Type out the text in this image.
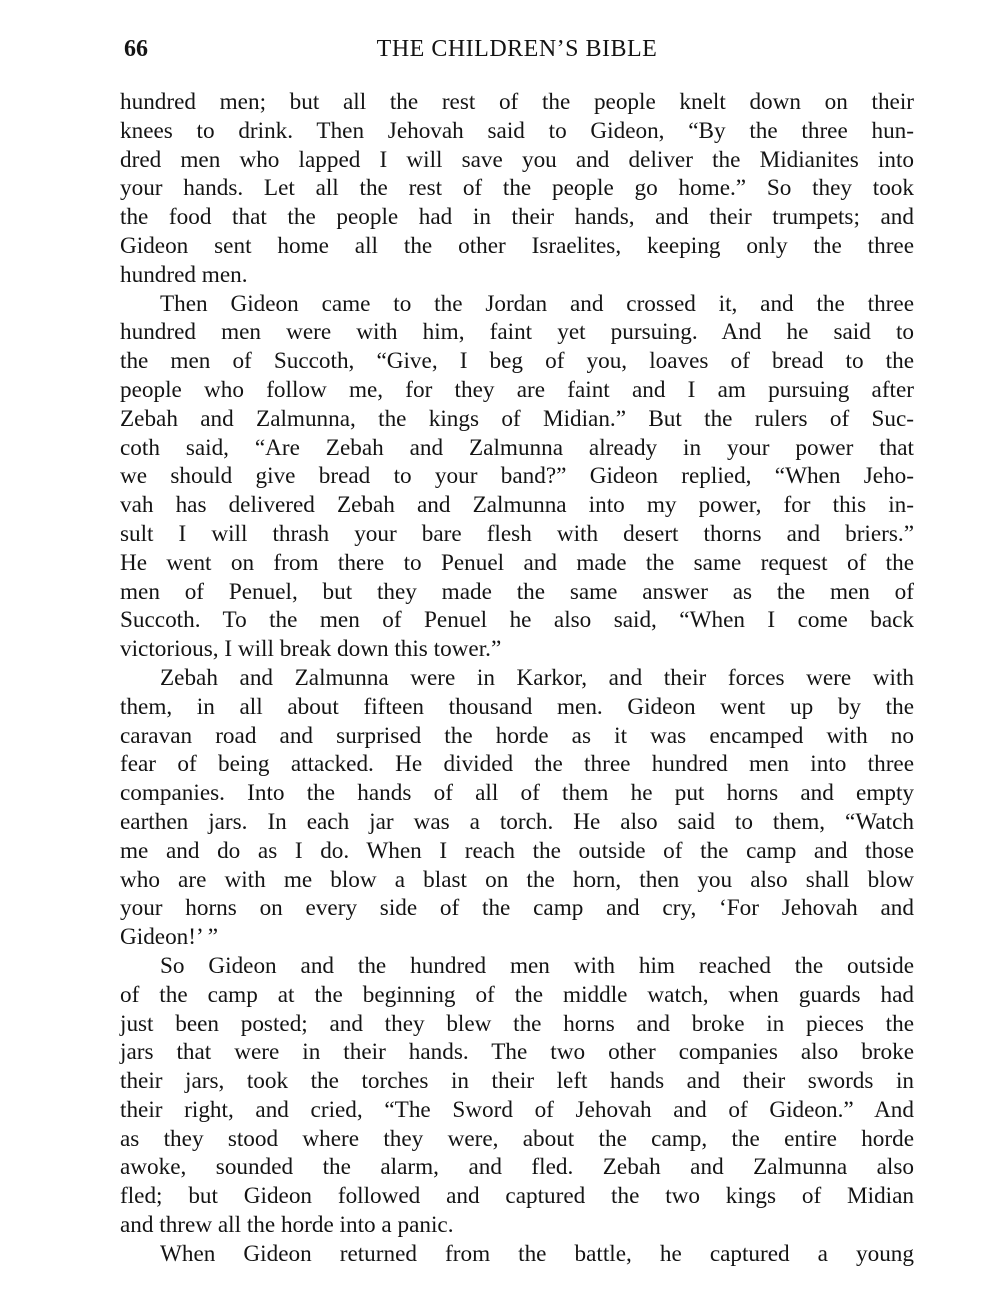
66	THE CHILDREN’S BIBLE
hundred men; but all the rest of the people knelt down on their
knees to drink. Then Jehovah said to Gideon, “By the three hun-
dred men who lapped I will save you and deliver the Midianites into
your hands. Let all the rest of the people go home.” So they took
the food that the people had in their hands, and their trumpets; and
Gideon sent home all the other Israelites, keeping only the three
hundred men.
Then Gideon came to the Jordan and crossed it, and the three
hundred men were with him, faint yet pursuing. And he said to
the men of Succoth, “Give, I beg of you, loaves of bread to the
people who follow me, for they are faint and I am pursuing after
Zebah and Zalmunna, the kings of Midian.” But the rulers of Suc-
coth said, “Are Zebah and Zalmunna already in your power that
we should give bread to your band?” Gideon replied, “When Jeho-
vah has delivered Zebah and Zalmunna into my power, for this in-
sult I will thrash your bare flesh with desert thorns and briers.”
He went on from there to Penuel and made the same request of the
men of Penuel, but they made the same answer as the men of
Succoth. To the men of Penuel he also said, “When I come back
victorious, I will break down this tower.”
Zebah and Zalmunna were in Karkor, and their forces were with
them, in all about fifteen thousand men. Gideon went up by the
caravan road and surprised the horde as it was encamped with no
fear of being attacked. He divided the three hundred men into three
companies. Into the hands of all of them he put horns and empty
earthen jars. In each jar was a torch. He also said to them, “Watch
me and do as I do. When I reach the outside of the camp and those
who are with me blow a blast on the horn, then you also shall blow
your horns on every side of the camp and cry, ‘For Jehovah and
Gideon!’ ”
So Gideon and the hundred men with him reached the outside
of the camp at the beginning of the middle watch, when guards had
just been posted; and they blew the horns and broke in pieces the
jars that were in their hands. The two other companies also broke
their jars, took the torches in their left hands and their swords in
their right, and cried, “The Sword of Jehovah and of Gideon.” And
as they stood where they were, about the camp, the entire horde
awoke, sounded the alarm, and fled. Zebah and Zalmunna also
fled; but Gideon followed and captured the two kings of Midian
and threw all the horde into a panic.
When Gideon returned from the battle, he captured a young
